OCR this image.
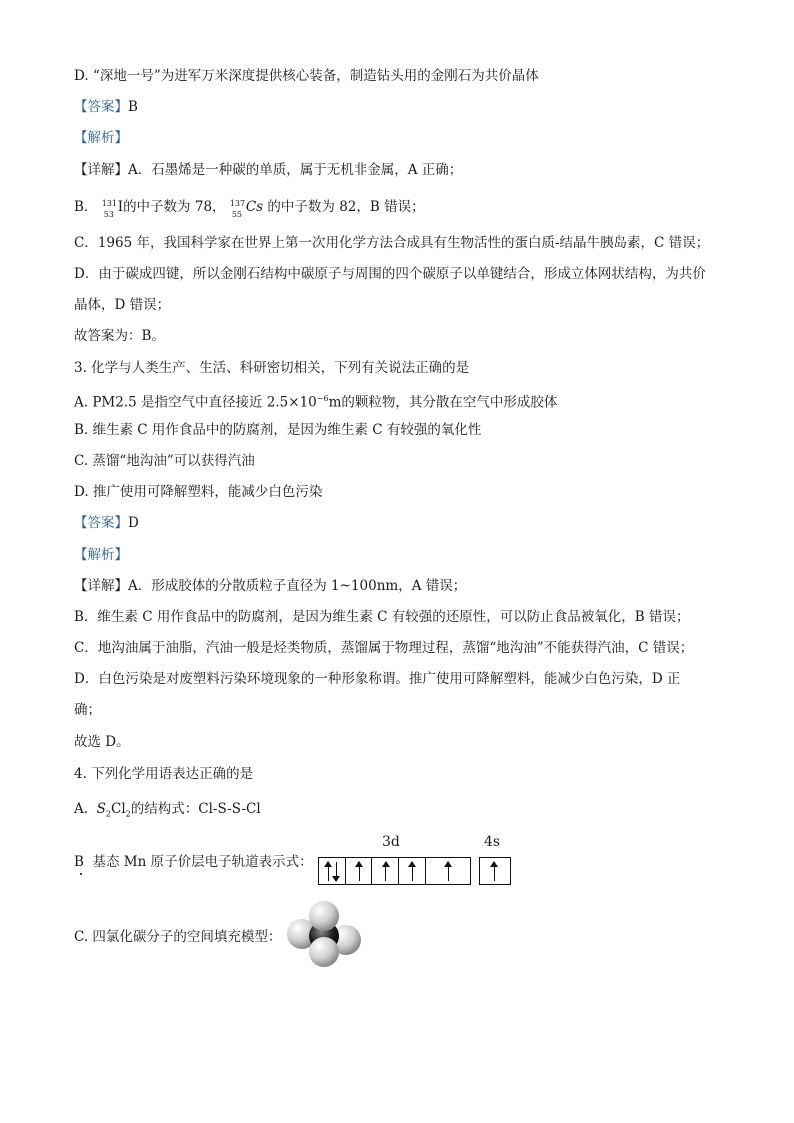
D. “深地一号”为进军万米深度提供核心装备，制造钻头用的金刚石为共价晶体
【答案】B
【解析】
【详解】A．石墨烯是一种碳的单质，属于无机非金属，A 正确；
B． 131
53 I的中子数为 78， 137
55 Cs 的中子数为 82，B 错误；
C．1965 年，我国科学家在世界上第一次用化学方法合成具有生物活性的蛋白质-结晶牛胰岛素，C 错误；
D．由于碳成四键，所以金刚石结构中碳原子与周围的四个碳原子以单键结合，形成立体网状结构，为共价
晶体，D 错误；
故答案为：B。
3. 化学与人类生产、生活、科研密切相关，下列有关说法正确的是
A. PM2.5 是指空气中直径接近 $2.5\times 10^{-6}m$的颗粒物，其分散在空气中形成胶体
B. 维生素 C 用作食品中的防腐剂，是因为维生素 C 有较强的氧化性
C. 蒸馏“地沟油”可以获得汽油
D. 推广使用可降解塑料，能减少白色污染
【答案】D
【解析】
【详解】A．形成胶体的分散质粒子直径为 1~100nm，A 错误；
B．维生素 C 用作食品中的防腐剂，是因为维生素 C 有较强的还原性，可以防止食品被氧化，B 错误；
C．地沟油属于油脂，汽油一般是烃类物质，蒸馏属于物理过程，蒸馏“地沟油”不能获得汽油，C 错误；
D．白色污染是对废塑料污染环境现象的一种形象称谓。推广使用可降解塑料，能减少白色污染，D 正
确；
故选 D。
4. 下列化学用语表达正确的是
A. $S_2Cl_2$的结构式：Cl-S-S-Cl
B 基态 Mn 原子价层电子轨道表示式：
3d	4s
C. 四氯化碳分子的空间填充模型：
